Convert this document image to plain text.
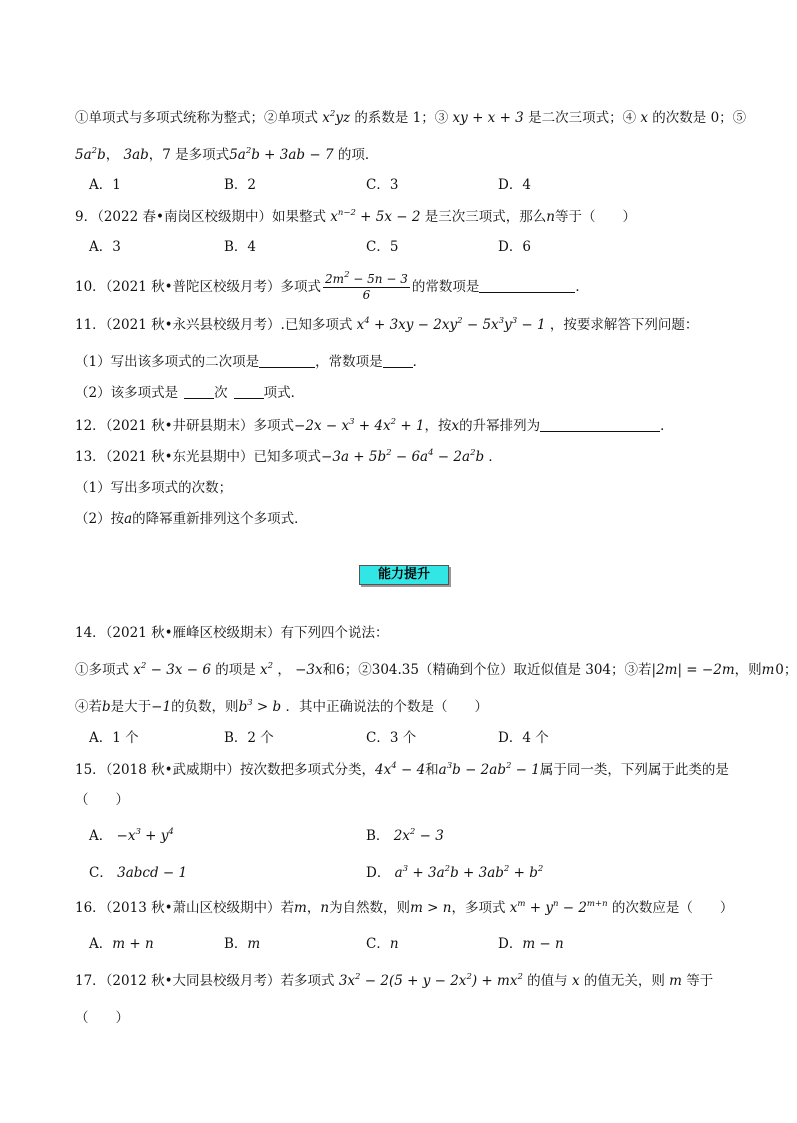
①单项式与多项式统称为整式；②单项式 $x^2yz$ 的系数是 1；③ xy + x + 3 是二次三项式；④ x 的次数是 0；⑤
$5a^2b$， 3ab，7 是多项式$5a^2b + 3ab - 7$ 的项．
A．1	B．2	C．3	D．4
9．（2022 春•南岗区校级期中）如果整式 $x^{n-2} + 5x - 2$ 是三次三项式，那么n等于（　　）
A．3	B．4	C．5	D．6
10．（2021 秋•普陀区校级月考）多项式 $\frac{2m^2 - 5n - 3}{6}$ 的常数项是	．
11．（2021 秋•永兴县校级月考）.已知多项式 $x^4 + 3xy - 2xy^2 - 5x^3y^3 - 1$ ，按要求解答下列问题：
（1）写出该多项式的二次项是	，常数项是 ．
（2）该多项式是	次	项式．
12．（2021 秋•井研县期末）多项式$-2x - x^3 + 4x^2 + 1$，按x的升幂排列为	．
13．（2021 秋•东光县期中）已知多项式$-3a + 5b^2 - 6a^4 - 2a^2b$ ．
（1）写出多项式的次数；
（2）按a的降幂重新排列这个多项式．
能力提升
14．（2021 秋•雁峰区校级期末）有下列四个说法：
①多项式 $x^2 - 3x - 6$ 的项是 $x^2$ ， −3x和6；②304.35（精确到个位）取近似值是 304；③若|2m| = −2m，则m 0；
④若b是大于−1的负数，则$b^3 > b$ ．其中正确说法的个数是（　　）
A．1 个	B．2 个	C．3 个	D．4 个
15．（2018 秋•武威期中）按次数把多项式分类，$4x^4 - 4$和$a^3b - 2ab^2 - 1$属于同一类，下列属于此类的是
（　　）
A． $-x^3 + y^4$	B． $2x^2 - 3$
C． 3abcd − 1	D． $a^3 + 3a^2b + 3ab^2 + b^2$
16．（2013 秋•萧山区校级期中）若m，n为自然数，则m > n，多项式 $x^m + y^n - 2^{m+n}$ 的次数应是（　　）
A．m + n	B．m	C．n	D．m − n
17．（2012 秋•大同县校级月考）若多项式 $3x^2 - 2(5 + y - 2x^2) + mx^2$ 的值与 x 的值无关，则 m 等于
（　　）
